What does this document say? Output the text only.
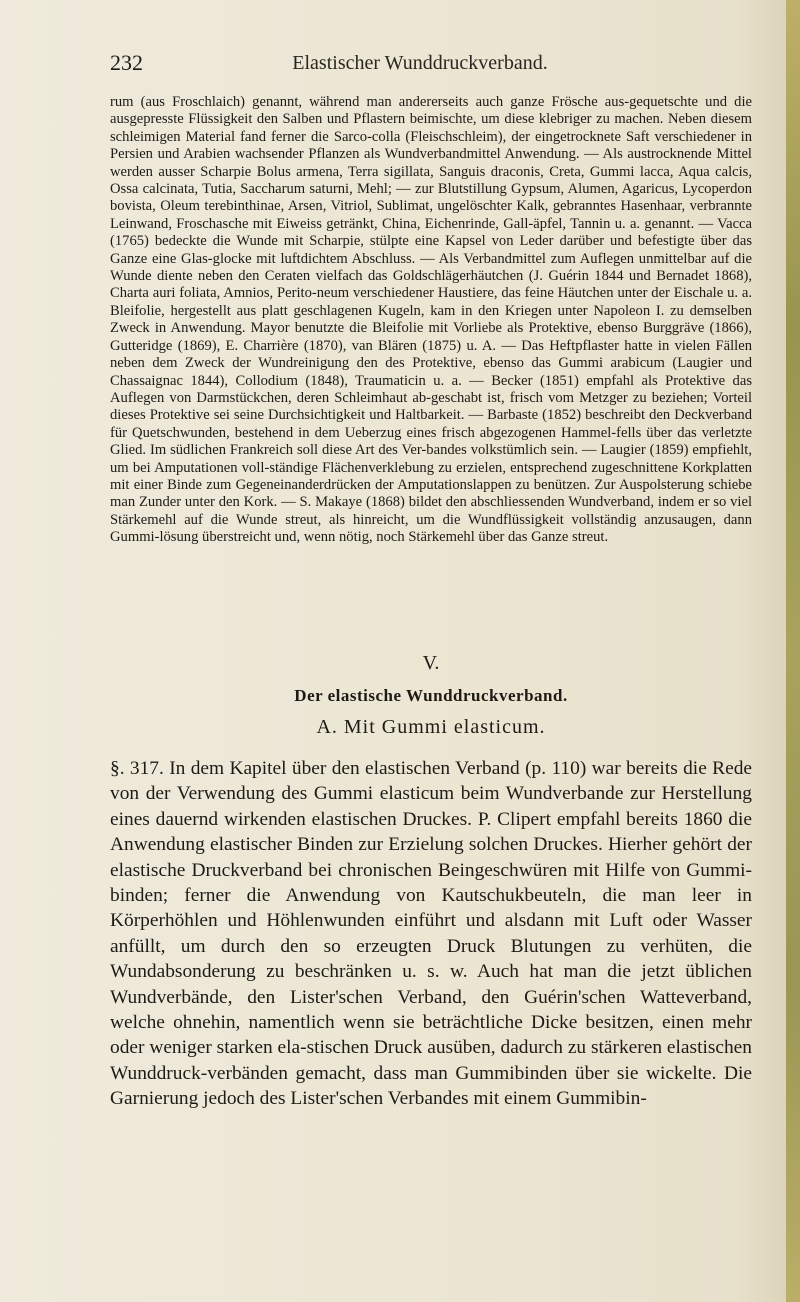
232	Elastischer Wunddruckverband.

rum (aus Froschlaich) genannt, während man andererseits auch ganze Frösche aus-gequetschte und die ausgepresste Flüssigkeit den Salben und Pflastern beimischte, um diese klebriger zu machen. Neben diesem schleimigen Material fand ferner die Sarco-colla (Fleischschleim), der eingetrocknete Saft verschiedener in Persien und Arabien wachsender Pflanzen als Wundverbandmittel Anwendung. — Als austrocknende Mittel werden ausser Scharpie Bolus armena, Terra sigillata, Sanguis draconis, Creta, Gummi lacca, Aqua calcis, Ossa calcinata, Tutia, Saccharum saturni, Mehl; — zur Blutstillung Gypsum, Alumen, Agaricus, Lycoperdon bovista, Oleum terebinthinae, Arsen, Vitriol, Sublimat, ungelöschter Kalk, gebranntes Hasenhaar, verbrannte Leinwand, Froschasche mit Eiweiss getränkt, China, Eichenrinde, Gall-äpfel, Tannin u. a. genannt. — Vacca (1765) bedeckte die Wunde mit Scharpie, stülpte eine Kapsel von Leder darüber und befestigte über das Ganze eine Glas-glocke mit luftdichtem Abschluss. — Als Verbandmittel zum Auflegen unmittelbar auf die Wunde diente neben den Ceraten vielfach das Goldschlägerhäutchen (J. Guérin 1844 und Bernadet 1868), Charta auri foliata, Amnios, Perito-neum verschiedener Haustiere, das feine Häutchen unter der Eischale u. a. Bleifolie, hergestellt aus platt geschlagenen Kugeln, kam in den Kriegen unter Napoleon I. zu demselben Zweck in Anwendung. Mayor benutzte die Bleifolie mit Vorliebe als Protektive, ebenso Burggräve (1866), Gutteridge (1869), E. Charrière (1870), van Blären (1875) u. A. — Das Heftpflaster hatte in vielen Fällen neben dem Zweck der Wundreinigung den des Protektive, ebenso das Gummi arabicum (Laugier und Chassaignac 1844), Collodium (1848), Traumaticin u. a. — Becker (1851) empfahl als Protektive das Auflegen von Darmstückchen, deren Schleimhaut ab-geschabt ist, frisch vom Metzger zu beziehen; Vorteil dieses Protektive sei seine Durchsichtigkeit und Haltbarkeit. — Barbaste (1852) beschreibt den Deckverband für Quetschwunden, bestehend in dem Ueberzug eines frisch abgezogenen Hammel-fells über das verletzte Glied. Im südlichen Frankreich soll diese Art des Ver-bandes volkstümlich sein. — Laugier (1859) empfiehlt, um bei Amputationen voll-ständige Flächenverklebung zu erzielen, entsprechend zugeschnittene Korkplatten mit einer Binde zum Gegeneinanderdrücken der Amputationslappen zu benützen. Zur Auspolsterung schiebe man Zunder unter den Kork. — S. Makaye (1868) bildet den abschliessenden Wundverband, indem er so viel Stärkemehl auf die Wunde streut, als hinreicht, um die Wundflüssigkeit vollständig anzusaugen, dann Gummi-lösung überstreicht und, wenn nötig, noch Stärkemehl über das Ganze streut.

V.
Der elastische Wunddruckverband.
A. Mit Gummi elasticum.

§. 317. In dem Kapitel über den elastischen Verband (p. 110) war bereits die Rede von der Verwendung des Gummi elasticum beim Wundverbande zur Herstellung eines dauernd wirkenden elastischen Druckes. P. Clipert empfahl bereits 1860 die Anwendung elastischer Binden zur Erzielung solchen Druckes. Hierher gehört der elastische Druckverband bei chronischen Beingeschwüren mit Hilfe von Gummi-binden; ferner die Anwendung von Kautschukbeuteln, die man leer in Körperhöhlen und Höhlenwunden einführt und alsdann mit Luft oder Wasser anfüllt, um durch den so erzeugten Druck Blutungen zu verhüten, die Wundabsonderung zu beschränken u. s. w. Auch hat man die jetzt üblichen Wundverbände, den Lister'schen Verband, den Guérin'schen Watteverband, welche ohnehin, namentlich wenn sie beträchtliche Dicke besitzen, einen mehr oder weniger starken ela-stischen Druck ausüben, dadurch zu stärkeren elastischen Wunddruck-verbänden gemacht, dass man Gummibinden über sie wickelte. Die Garnierung jedoch des Lister'schen Verbandes mit einem Gummibin-
